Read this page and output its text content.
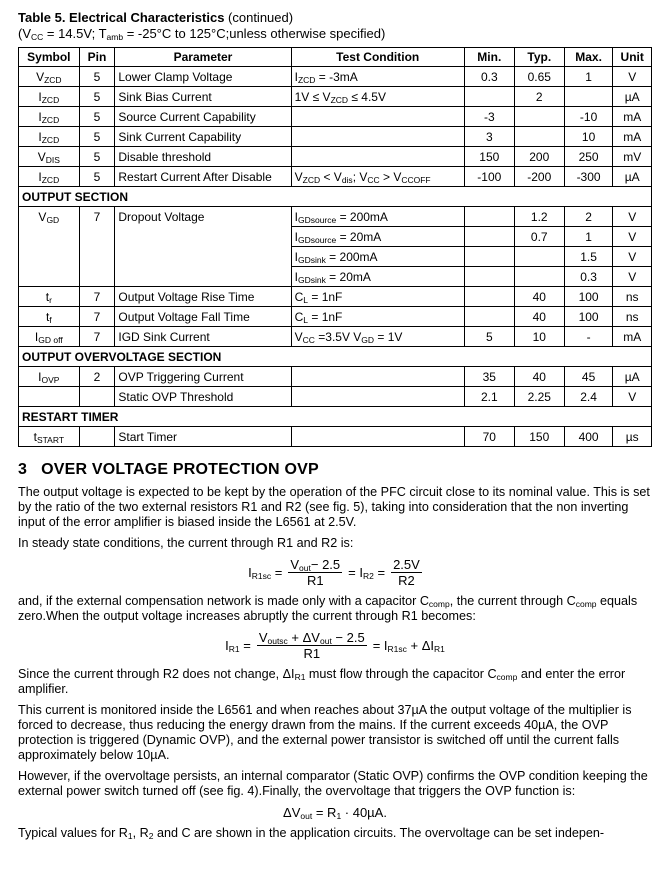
Table 5. Electrical Characteristics (continued)
($V_{CC} = 14.5V$; $T_{amb} = -25^\circ C$ to 125°C;unless otherwise specified)
Symbol	Pin	Parameter	Test Condition	Min.	Typ.	Max.	Unit
$V_{ZCD}$	5	Lower Clamp Voltage	$I_{ZCD} = -3mA$	0.3	0.65	1	V
$I_{ZCD}$	5	Sink Bias Current	$1V \le V_{ZCD} \le 4.5V$		2		µA
$I_{ZCD}$	5	Source Current Capability		-3		-10	mA
$I_{ZCD}$	5	Sink Current Capability		3		10	mA
$V_{DIS}$	5	Disable threshold		150	200	250	mV
$I_{ZCD}$	5	Restart Current After Disable	$V_{ZCD} < V_{dis}$; $V_{CC} > V_{CCOFF}$	-100	-200	-300	µA
OUTPUT SECTION							
$V_{GD}$	7	Dropout Voltage	$I_{GDsource} = 200mA$		1.2	2	V
			$I_{GDsource} = 20mA$		0.7	1	V
			$I_{GDsink} = 200mA$			1.5	V
			$I_{GDsink} = 20mA$			0.3	V
$t_r$	7	Output Voltage Rise Time	$C_L = 1nF$		40	100	ns
$t_f$	7	Output Voltage Fall Time	$C_L = 1nF$		40	100	ns
$I_{GD off}$	7	IGD Sink Current	$V_{CC} =3.5V$ $V_{GD} = 1V$	5	10	-	mA
OUTPUT OVERVOLTAGE SECTION							
$I_{OVP}$	2	OVP Triggering Current		35	40	45	µA
		Static OVP Threshold		2.1	2.25	2.4	V
RESTART TIMER							
$t_{START}$		Start Timer		70	150	400	µs
3 OVER VOLTAGE PROTECTION OVP

The output voltage is expected to be kept by the operation of the PFC circuit close to its nominal value. This is set by the ratio of the two external resistors R1 and R2 (see fig. 5), taking into consideration that the non inverting input of the error amplifier is biased inside the L6561 at 2.5V.

In steady state conditions, the current through R1 and R2 is:

$I_{R1sc} = \frac{V_{out}- 2.5}{R1} = I_{R2} = \frac{2.5V}{R2}$

and, if the external compensation network is made only with a capacitor $C_{comp}$, the current through $C_{comp}$ equals zero.When the output voltage increases abruptly the current through R1 becomes:

$I_{R1} = \frac{V_{outsc} + \Delta V_{out} - 2.5}{R1} = I_{R1sc} + \Delta I_{R1}$

Since the current through R2 does not change, $\Delta I_{R1}$ must flow through the capacitor $C_{comp}$ and enter the error amplifier.

This current is monitored inside the L6561 and when reaches about 37µA the output voltage of the multiplier is forced to decrease, thus reducing the energy drawn from the mains. If the current exceeds 40µA, the OVP protection is triggered (Dynamic OVP), and the external power transistor is switched off until the current falls approximately below 10µA.

However, if the overvoltage persists, an internal comparator (Static OVP) confirms the OVP condition keeping the external power switch turned off (see fig. 4).Finally, the overvoltage that triggers the OVP function is:

$\Delta V_{out} = R_1 \cdot 40\mu A$.

Typical values for $R_1$, $R_2$ and C are shown in the application circuits. The overvoltage can be set indepen-
